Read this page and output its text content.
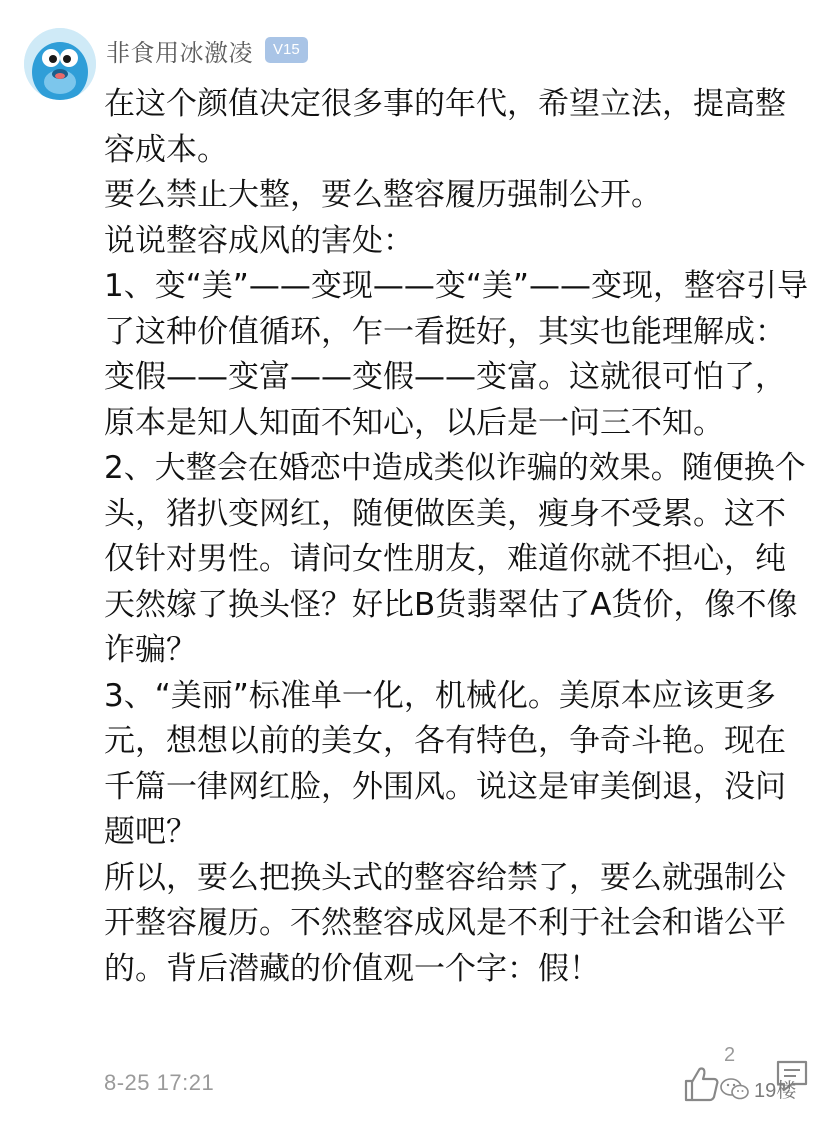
非食用冰激凌	V15

在这个颜值决定很多事的年代，希望立法，提高整容成本。

要么禁止大整，要么整容履历强制公开。

说说整容成风的害处：

1、变“美”——变现——变“美”——变现，整容引导了这种价值循环，乍一看挺好，其实也能理解成：变假——变富——变假——变富。这就很可怕了，原本是知人知面不知心，以后是一问三不知。

2、大整会在婚恋中造成类似诈骗的效果。随便换个头，猪扒变网红，随便做医美，瘦身不受累。这不仅针对男性。请问女性朋友，难道你就不担心，纯天然嫁了换头怪？好比B货翡翠估了A货价，像不像诈骗？

3、“美丽”标准单一化，机械化。美原本应该更多元，想想以前的美女，各有特色，争奇斗艳。现在千篇一律网红脸，外围风。说这是审美倒退，没问题吧？

所以，要么把换头式的整容给禁了，要么就强制公开整容履历。不然整容成风是不利于社会和谐公平的。背后潜藏的价值观一个字：假！

8-25 17:21
2
19楼
